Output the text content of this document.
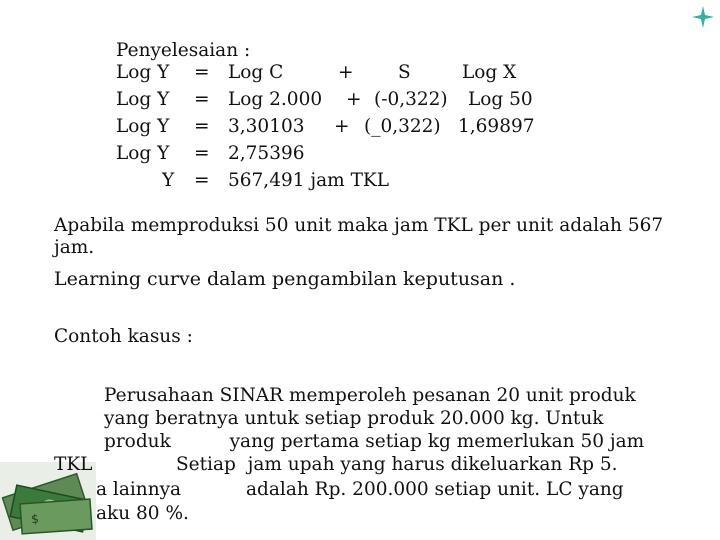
Penyelesaian :
Log Y = Log C	+ S	Log X
Log Y = Log 2.000 + (-0,322) Log 50
Log Y = 3,30103 + (_0,322) 1,69897
Log Y = 2,75396
Y = 567,491 jam TKL
Apabila memproduksi 50 unit maka jam TKL per unit adalah 567 jam.
Learning curve dalam pengambilan keputusan .
Contoh kasus :
Perusahaan SINAR memperoleh pesanan 20 unit produk
yang beratnya untuk setiap produk 20.000 kg. Untuk
produk          yang pertama setiap kg memerlukan 50 jam
Setiap  jam upah yang harus dikeluarkan Rp 5.
adalah Rp. 200.000 setiap unit. LC yang
$
TKL
a lainnya
aku 80 %.
